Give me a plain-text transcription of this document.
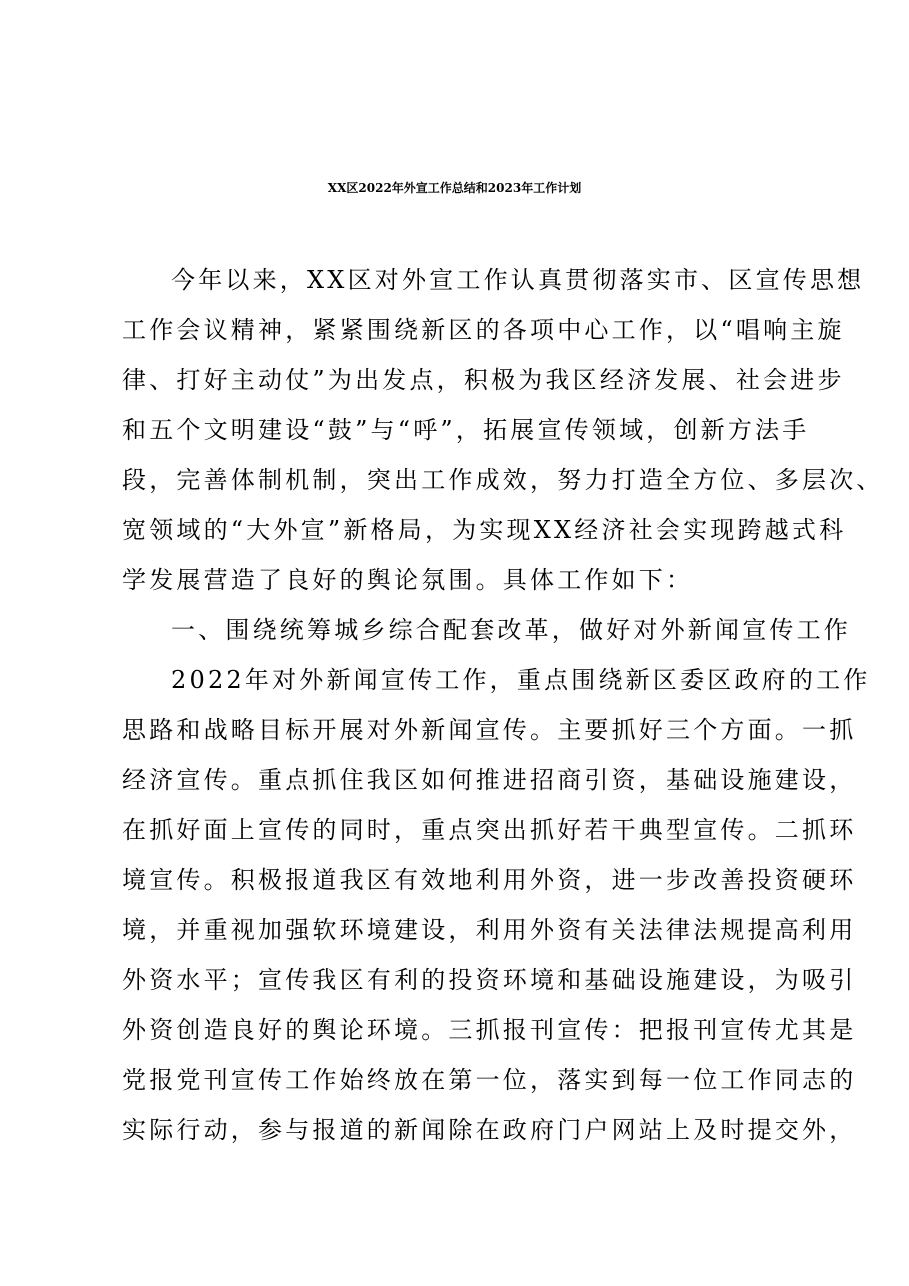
XX区2022年外宣工作总结和2023年工作计划
今年以来，XX区对外宣工作认真贯彻落实市、区宣传思想
工作会议精神，紧紧围绕新区的各项中心工作，以“唱响主旋
律、打好主动仗”为出发点，积极为我区经济发展、社会进步
和五个文明建设“鼓”与“呼”，拓展宣传领域，创新方法手
段，完善体制机制，突出工作成效，努力打造全方位、多层次、
宽领域的“大外宣”新格局，为实现XX经济社会实现跨越式科
学发展营造了良好的舆论氛围。具体工作如下：
一、围绕统筹城乡综合配套改革，做好对外新闻宣传工作
2022年对外新闻宣传工作，重点围绕新区委区政府的工作
思路和战略目标开展对外新闻宣传。主要抓好三个方面。一抓
经济宣传。重点抓住我区如何推进招商引资，基础设施建设，
在抓好面上宣传的同时，重点突出抓好若干典型宣传。二抓环
境宣传。积极报道我区有效地利用外资，进一步改善投资硬环
境，并重视加强软环境建设，利用外资有关法律法规提高利用
外资水平；宣传我区有利的投资环境和基础设施建设，为吸引
外资创造良好的舆论环境。三抓报刊宣传：把报刊宣传尤其是
党报党刊宣传工作始终放在第一位，落实到每一位工作同志的
实际行动，参与报道的新闻除在政府门户网站上及时提交外，
